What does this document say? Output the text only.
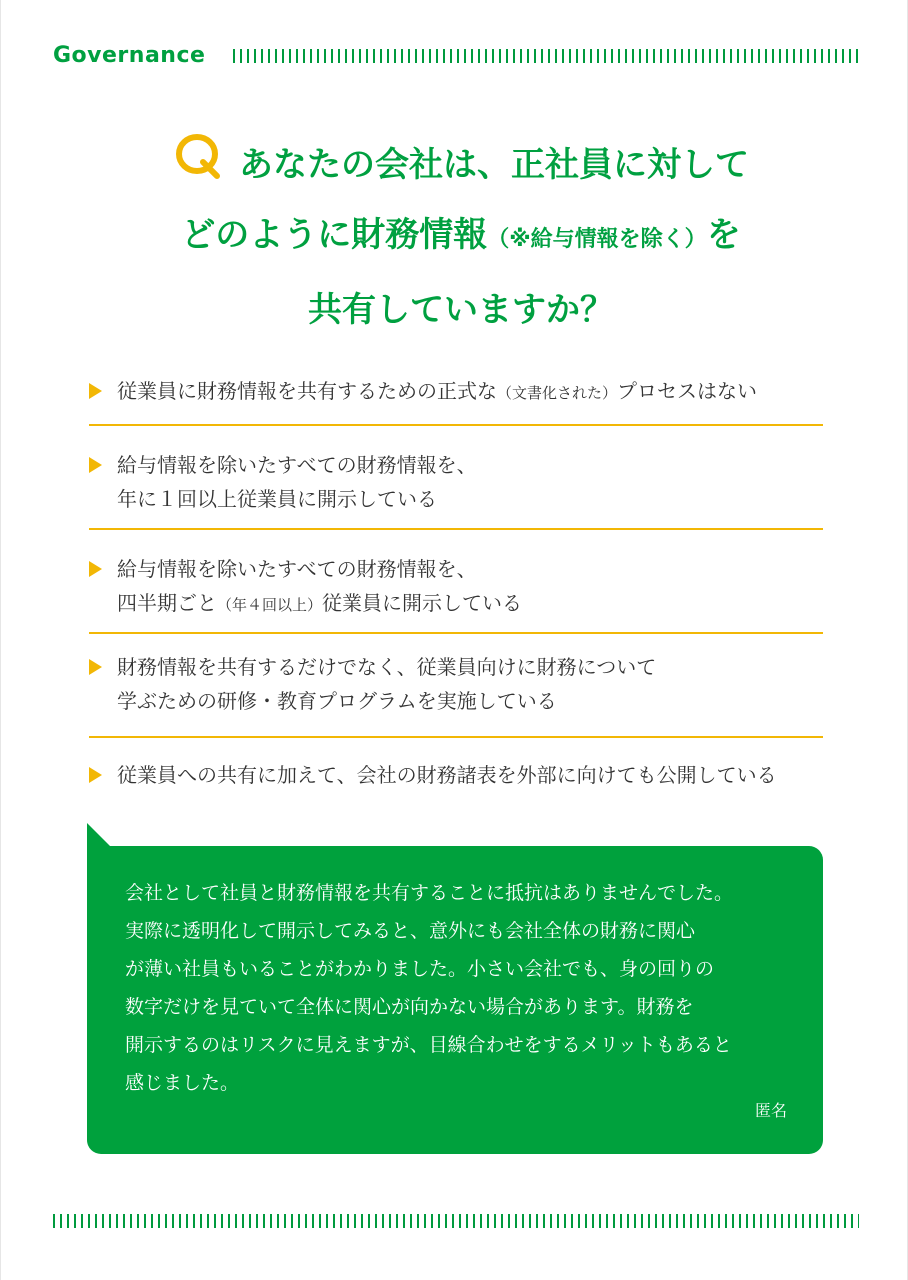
Governance
あなたの会社は、正社員に対して
どのように財務情報（※給与情報を除く）を
共有していますか？
従業員に財務情報を共有するための正式な（文書化された）プロセスはない
給与情報を除いたすべての財務情報を、
年に１回以上従業員に開示している
給与情報を除いたすべての財務情報を、
四半期ごと（年４回以上）従業員に開示している
財務情報を共有するだけでなく、従業員向けに財務について
学ぶための研修・教育プログラムを実施している
従業員への共有に加えて、会社の財務諸表を外部に向けても公開している
会社として社員と財務情報を共有することに抵抗はありませんでした。
実際に透明化して開示してみると、意外にも会社全体の財務に関心
が薄い社員もいることがわかりました。小さい会社でも、身の回りの
数字だけを見ていて全体に関心が向かない場合があります。財務を
開示するのはリスクに見えますが、目線合わせをするメリットもあると
感じました。
匿名
